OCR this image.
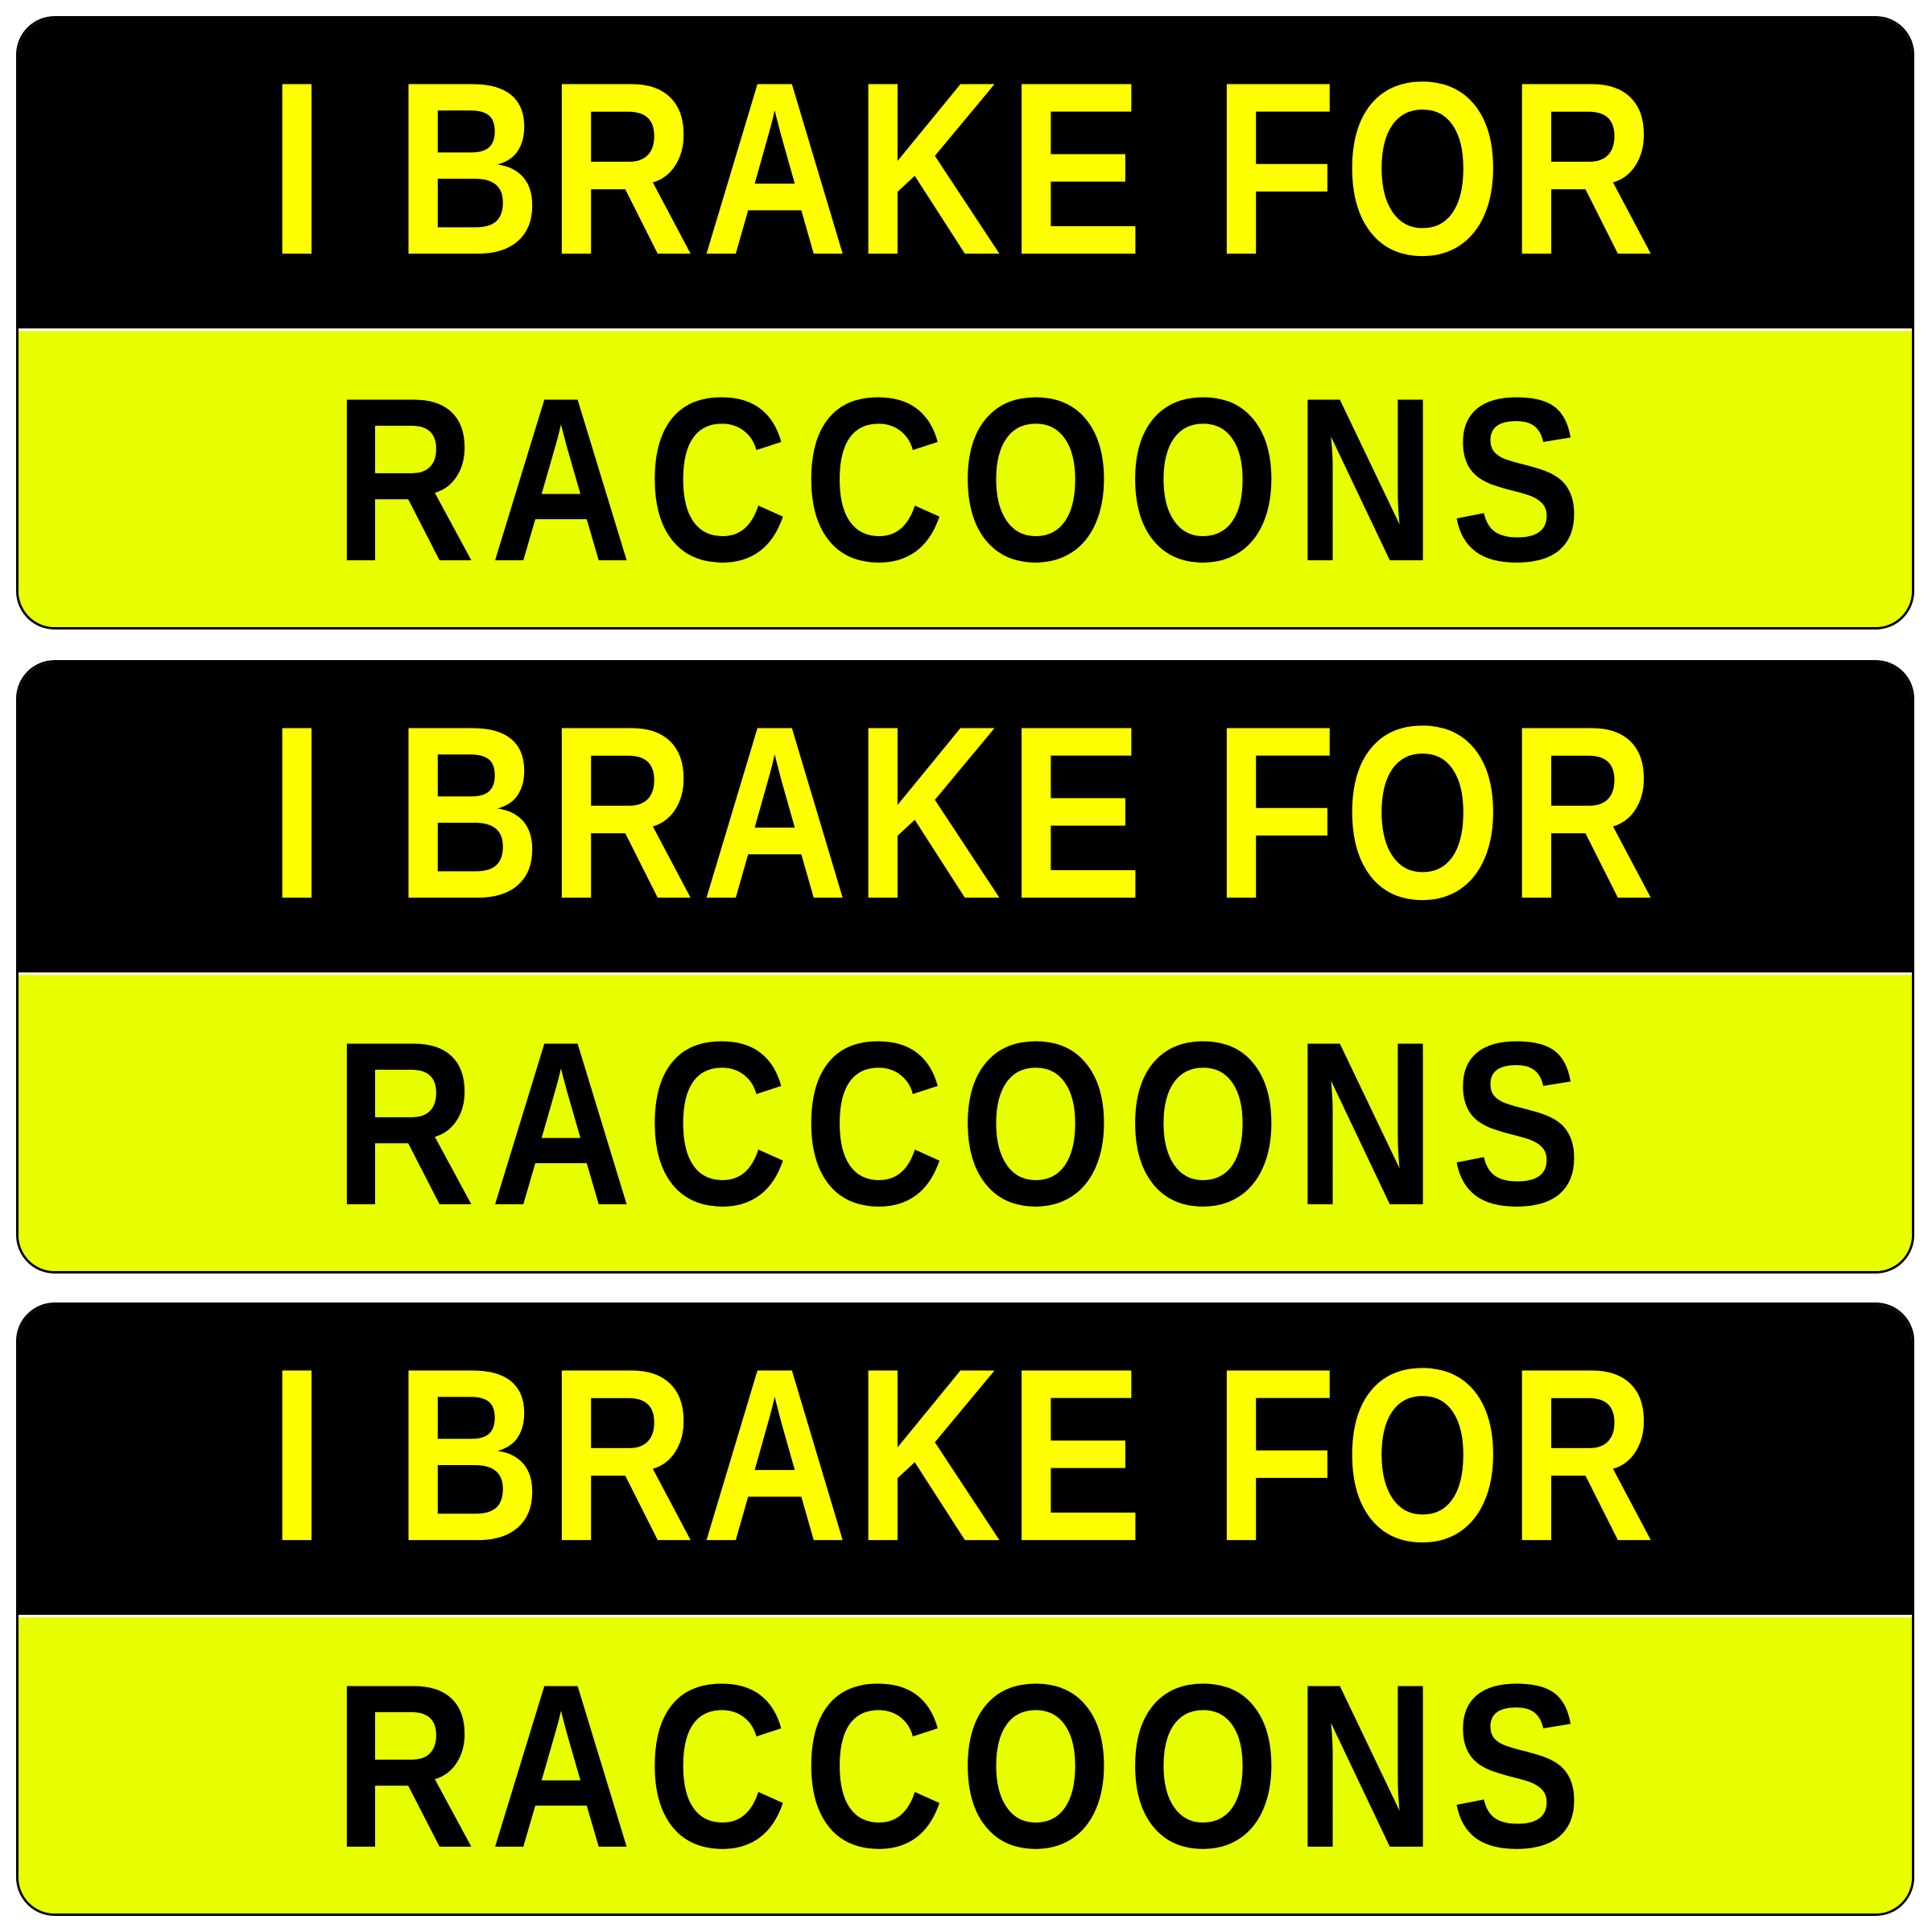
I BRAKE FOR
RACCOONS
I BRAKE FOR
RACCOONS
I BRAKE FOR
RACCOONS
